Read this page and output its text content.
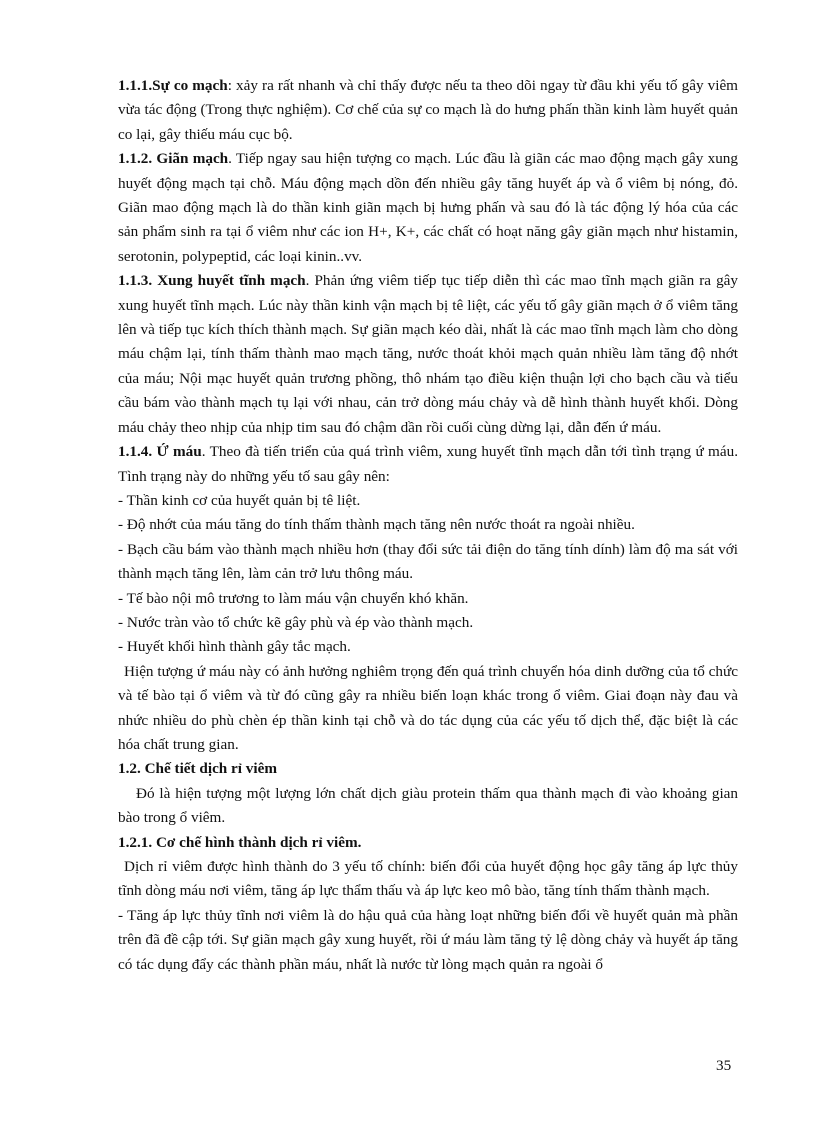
1.1.1.Sự co mạch: xảy ra rất nhanh và chỉ thấy được nếu ta theo dõi ngay từ đầu khi yếu tố gây viêm vừa tác động (Trong thực nghiệm). Cơ chế của sự co mạch là do hưng phấn thần kinh làm huyết quản co lại, gây thiếu máu cục bộ.

1.1.2. Giãn mạch. Tiếp ngay sau hiện tượng co mạch. Lúc đầu là giãn các mao động mạch gây xung huyết động mạch tại chỗ. Máu động mạch dồn đến nhiều gây tăng huyết áp và ổ viêm bị nóng, đỏ. Giãn mao động mạch là do thần kinh giãn mạch bị hưng phấn và sau đó là tác động lý hóa của các sản phẩm sinh ra tại ổ viêm như các ion H+, K+, các chất có hoạt năng gây giãn mạch như histamin, serotonin, polypeptid, các loại kinin..vv.

1.1.3. Xung huyết tĩnh mạch. Phản ứng viêm tiếp tục tiếp diễn thì các mao tĩnh mạch giãn ra gây xung huyết tĩnh mạch. Lúc này thần kinh vận mạch bị tê liệt, các yếu tố gây giãn mạch ở ổ viêm tăng lên và tiếp tục kích thích thành mạch. Sự giãn mạch kéo dài, nhất là các mao tĩnh mạch làm cho dòng máu chậm lại, tính thấm thành mao mạch tăng, nước thoát khỏi mạch quản nhiều làm tăng độ nhớt của máu; Nội mạc huyết quản trương phồng, thô nhám tạo điều kiện thuận lợi cho bạch cầu và tiểu cầu bám vào thành mạch tụ lại với nhau, cản trở dòng máu chảy và dễ hình thành huyết khối. Dòng máu chảy theo nhịp của nhịp tim sau đó chậm dần rồi cuối cùng dừng lại, dẫn đến ứ máu.

1.1.4. Ứ máu. Theo đà tiến triển của quá trình viêm, xung huyết tĩnh mạch dẫn tới tình trạng ứ máu. Tình trạng này do những yếu tố sau gây nên:

- Thần kinh cơ của huyết quản bị tê liệt.

- Độ nhớt của máu tăng do tính thấm thành mạch tăng nên nước thoát ra ngoài nhiều.

- Bạch cầu bám vào thành mạch nhiều hơn (thay đổi sức tải điện do tăng tính dính) làm độ ma sát với thành mạch tăng lên, làm cản trở lưu thông máu.

- Tế bào nội mô trương to làm máu vận chuyển khó khăn.

- Nước tràn vào tổ chức kẽ gây phù và ép vào thành mạch.

- Huyết khối hình thành gây tắc mạch.

Hiện tượng ứ máu này có ảnh hưởng nghiêm trọng đến quá trình chuyển hóa dinh dưỡng của tổ chức và tế bào tại ổ viêm và từ đó cũng gây ra nhiều biến loạn khác trong ổ viêm. Giai đoạn này đau và nhức nhiều do phù chèn ép thần kinh tại chỗ và do tác dụng của các yếu tố dịch thể, đặc biệt là các hóa chất trung gian.

1.2. Chế tiết dịch rỉ viêm

Đó là hiện tượng một lượng lớn chất dịch giàu protein thấm qua thành mạch đi vào khoảng gian bào trong ổ viêm.

1.2.1. Cơ chế hình thành dịch rỉ viêm.

Dịch rỉ viêm được hình thành do 3 yếu tố chính: biến đổi của huyết động học gây tăng áp lực thủy tĩnh dòng máu nơi viêm, tăng áp lực thẩm thấu và áp lực keo mô bào, tăng tính thấm thành mạch.

- Tăng áp lực thủy tĩnh nơi viêm là do hậu quả của hàng loạt những biến đổi về huyết quản mà phần trên đã đề cập tới. Sự giãn mạch gây xung huyết, rồi ứ máu làm tăng tỷ lệ dòng chảy và huyết áp tăng có tác dụng đẩy các thành phần máu, nhất là nước từ lòng mạch quản ra ngoài ổ

35
